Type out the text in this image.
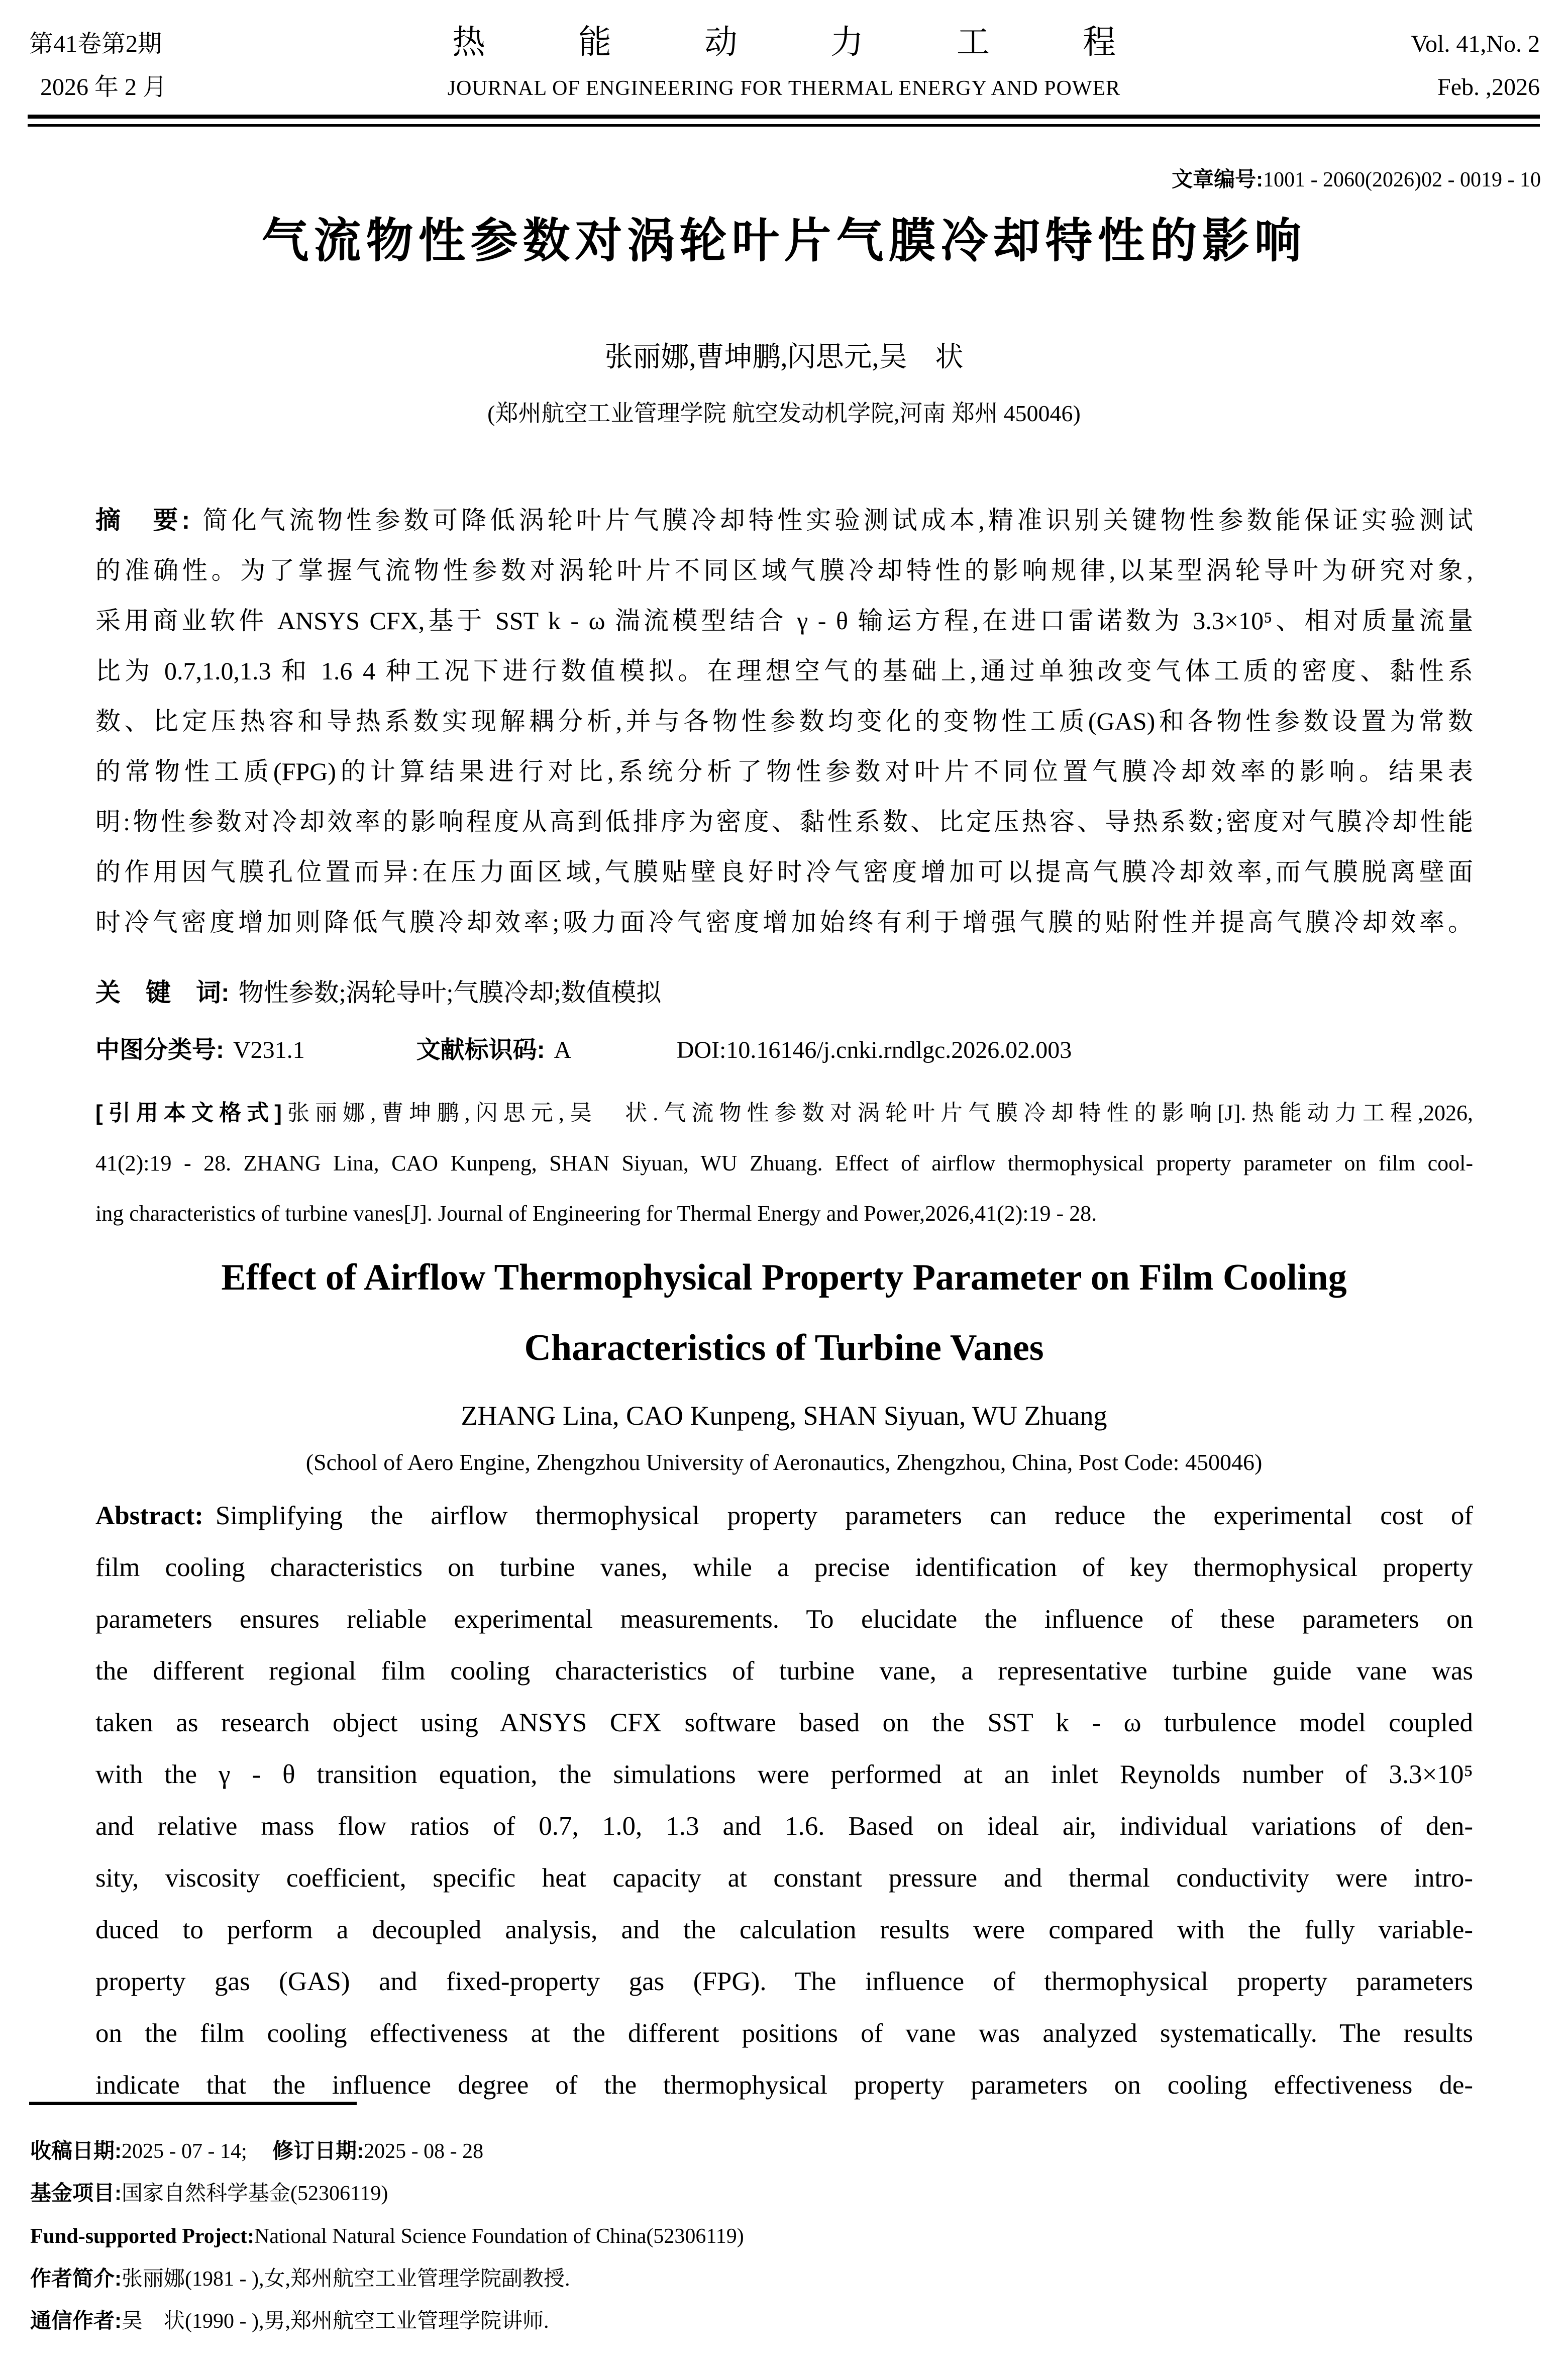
第41卷第2期
2026 年 2 月
热能动力工程
JOURNAL OF ENGINEERING FOR THERMAL ENERGY AND POWER
Vol. 41,No. 2
Feb. ,2026
文章编号:1001 - 2060(2026)02 - 0019 - 10
气流物性参数对涡轮叶片气膜冷却特性的影响
张丽娜,曹坤鹏,闪思元,吴　状
(郑州航空工业管理学院 航空发动机学院,河南 郑州 450046)
摘　要: 简化气流物性参数可降低涡轮叶片气膜冷却特性实验测试成本,精准识别关键物性参数能保证实验测试
的准确性。为了掌握气流物性参数对涡轮叶片不同区域气膜冷却特性的影响规律,以某型涡轮导叶为研究对象,
采用商业软件 ANSYS CFX,基于 SST k - ω 湍流模型结合 γ - θ 输运方程,在进口雷诺数为 3.3×10⁵、相对质量流量
比为 0.7,1.0,1.3 和 1.6 4 种工况下进行数值模拟。在理想空气的基础上,通过单独改变气体工质的密度、黏性系
数、比定压热容和导热系数实现解耦分析,并与各物性参数均变化的变物性工质(GAS)和各物性参数设置为常数
的常物性工质(FPG)的计算结果进行对比,系统分析了物性参数对叶片不同位置气膜冷却效率的影响。结果表
明:物性参数对冷却效率的影响程度从高到低排序为密度、黏性系数、比定压热容、导热系数;密度对气膜冷却性能
的作用因气膜孔位置而异:在压力面区域,气膜贴壁良好时冷气密度增加可以提高气膜冷却效率,而气膜脱离壁面
时冷气密度增加则降低气膜冷却效率;吸力面冷气密度增加始终有利于增强气膜的贴附性并提高气膜冷却效率。
关　键　词: 物性参数;涡轮导叶;气膜冷却;数值模拟
中图分类号: V231.1	文献标识码: A	DOI:10.16146/j.cnki.rndlgc.2026.02.003
[引用本文格式]张丽娜,曹坤鹏,闪思元,吴　状.气流物性参数对涡轮叶片气膜冷却特性的影响[J].热能动力工程,2026,
41(2):19 - 28. ZHANG Lina, CAO Kunpeng, SHAN Siyuan, WU Zhuang. Effect of airflow thermophysical property parameter on film cool-
ing characteristics of turbine vanes[J]. Journal of Engineering for Thermal Energy and Power,2026,41(2):19 - 28.
Effect of Airflow Thermophysical Property Parameter on Film Cooling
Characteristics of Turbine Vanes
ZHANG Lina, CAO Kunpeng, SHAN Siyuan, WU Zhuang
(School of Aero Engine, Zhengzhou University of Aeronautics, Zhengzhou, China, Post Code: 450046)
Abstract: Simplifying the airflow thermophysical property parameters can reduce the experimental cost of
film cooling characteristics on turbine vanes, while a precise identification of key thermophysical property
parameters ensures reliable experimental measurements. To elucidate the influence of these parameters on
the different regional film cooling characteristics of turbine vane, a representative turbine guide vane was
taken as research object using ANSYS CFX software based on the SST k - ω turbulence model coupled
with the γ - θ transition equation, the simulations were performed at an inlet Reynolds number of 3.3×10⁵
and relative mass flow ratios of 0.7, 1.0, 1.3 and 1.6. Based on ideal air, individual variations of den-
sity, viscosity coefficient, specific heat capacity at constant pressure and thermal conductivity were intro-
duced to perform a decoupled analysis, and the calculation results were compared with the fully variable-
property gas (GAS) and fixed-property gas (FPG). The influence of thermophysical property parameters
on the film cooling effectiveness at the different positions of vane was analyzed systematically. The results
indicate that the influence degree of the thermophysical property parameters on cooling effectiveness de-
收稿日期:2025 - 07 - 14; 修订日期:2025 - 08 - 28
基金项目:国家自然科学基金(52306119)
Fund-supported Project:National Natural Science Foundation of China(52306119)
作者简介:张丽娜(1981 - ),女,郑州航空工业管理学院副教授.
通信作者:吴　状(1990 - ),男,郑州航空工业管理学院讲师.
